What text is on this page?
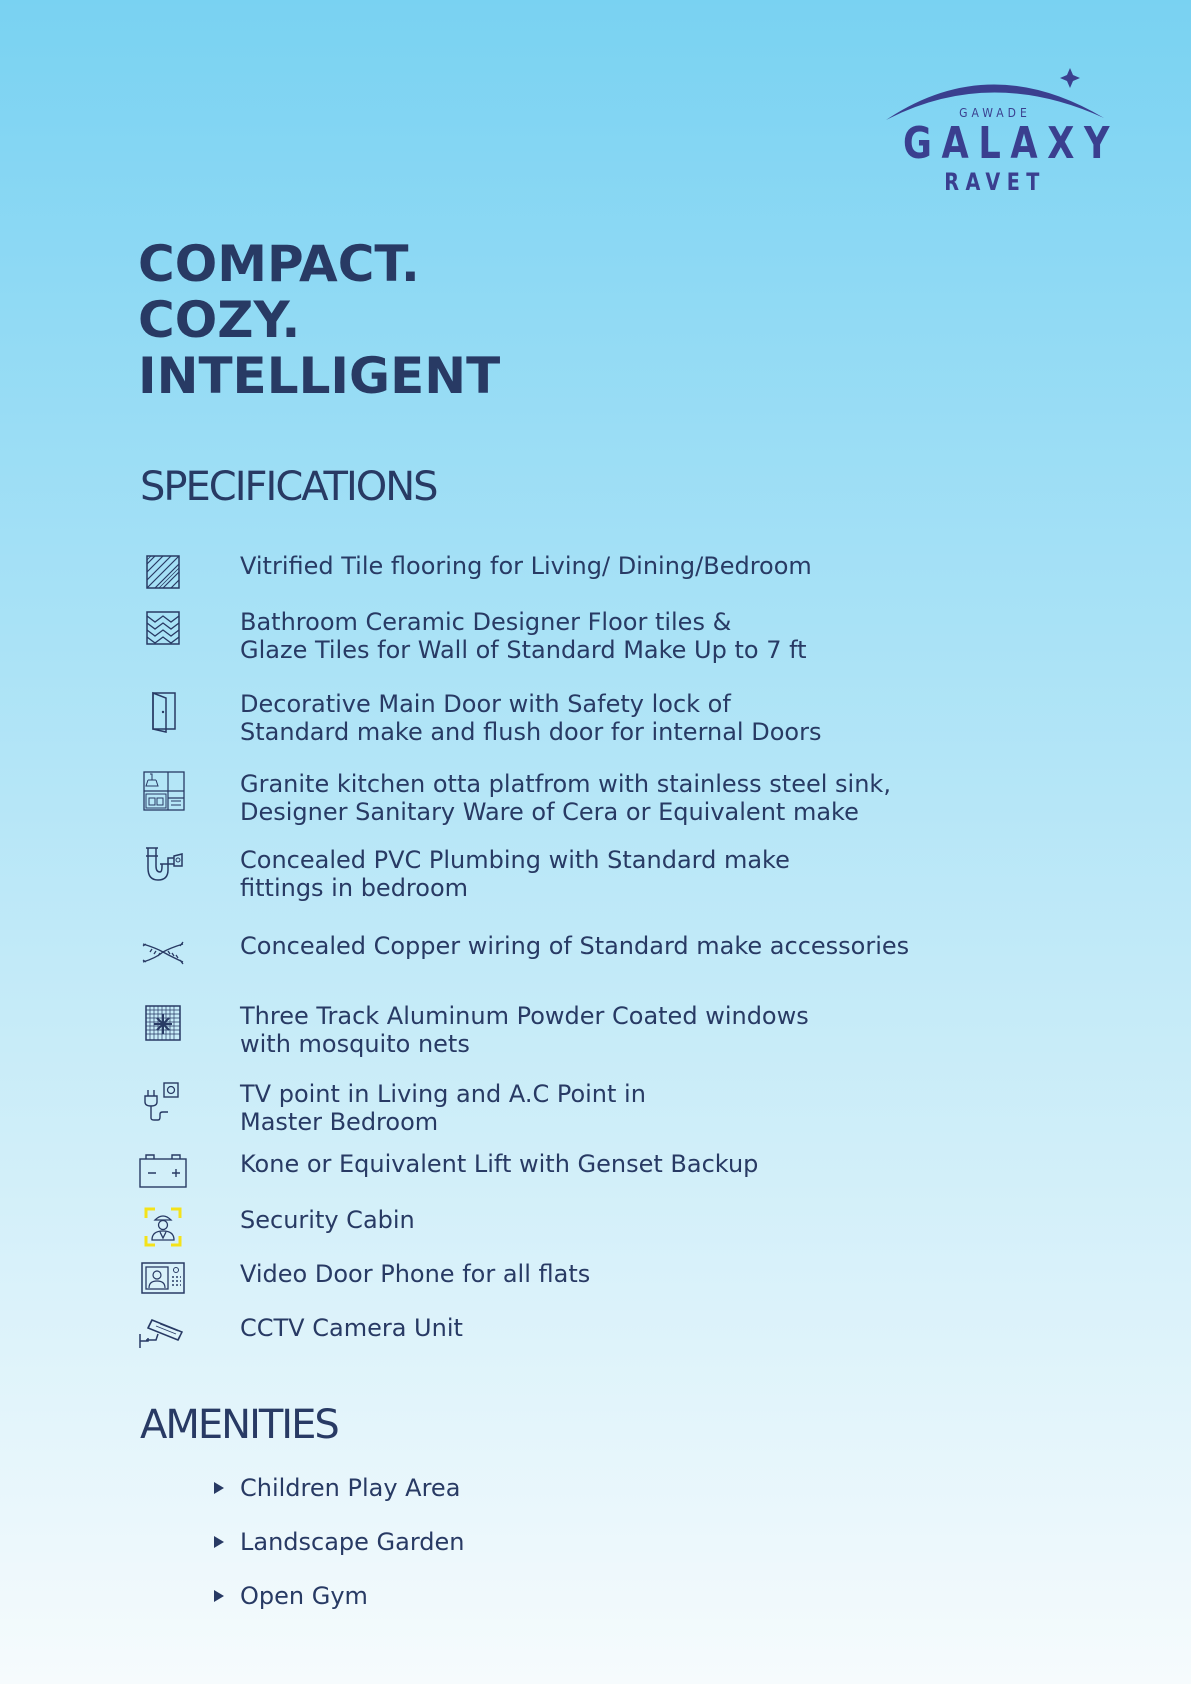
GAWADE
GALAXY
RAVET
COMPACT.
COZY.
INTELLIGENT
SPECIFICATIONS
Vitrified Tile flooring for Living/ Dining/Bedroom
Bathroom Ceramic Designer Floor tiles &
Glaze Tiles for Wall of Standard Make Up to 7 ft
Decorative Main Door with Safety lock of
Standard make and flush door for internal Doors
Granite kitchen otta platfrom with stainless steel sink,
Designer Sanitary Ware of Cera or Equivalent make
Concealed PVC Plumbing with Standard make
fittings in bedroom
Concealed Copper wiring of Standard make accessories
Three Track Aluminum Powder Coated windows
with mosquito nets
TV point in Living and A.C Point in
Master Bedroom
Kone or Equivalent Lift with Genset Backup
Security Cabin
Video Door Phone for all flats
CCTV Camera Unit
AMENITIES
Children Play Area
Landscape Garden
Open Gym
